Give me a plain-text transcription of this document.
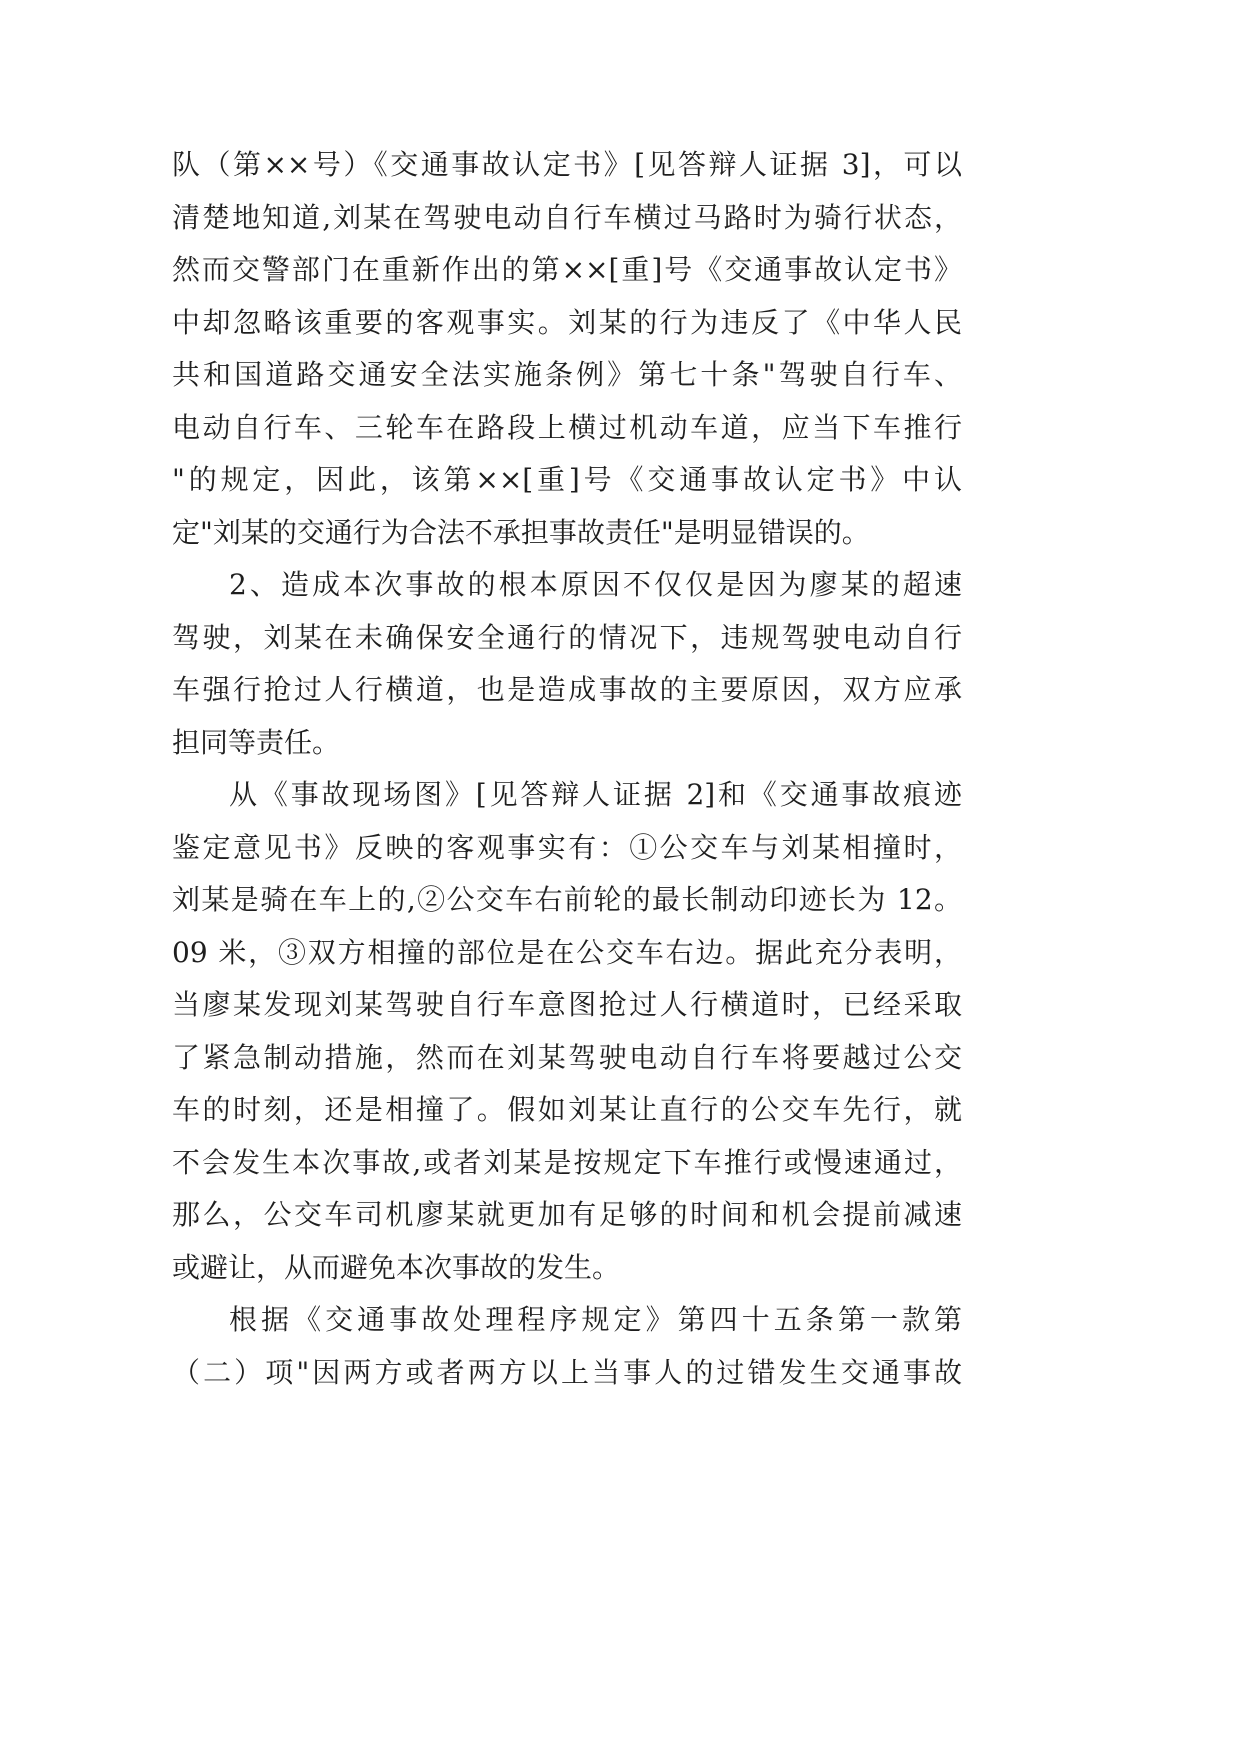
队（第××号）《交通事故认定书》[见答辩人证据 3]，可以
清楚地知道,刘某在驾驶电动自行车横过马路时为骑行状态，
然而交警部门在重新作出的第××[重]号《交通事故认定书》
中却忽略该重要的客观事实。刘某的行为违反了《中华人民
共和国道路交通安全法实施条例》第七十条"驾驶自行车、
电动自行车、三轮车在路段上横过机动车道，应当下车推行
"的规定，因此，该第××[重]号《交通事故认定书》中认
定"刘某的交通行为合法不承担事故责任"是明显错误的。
2、造成本次事故的根本原因不仅仅是因为廖某的超速
驾驶，刘某在未确保安全通行的情况下，违规驾驶电动自行
车强行抢过人行横道，也是造成事故的主要原因，双方应承
担同等责任。
从《事故现场图》[见答辩人证据 2]和《交通事故痕迹
鉴定意见书》反映的客观事实有：①公交车与刘某相撞时，
刘某是骑在车上的,②公交车右前轮的最长制动印迹长为 12。
09 米，③双方相撞的部位是在公交车右边。据此充分表明，
当廖某发现刘某驾驶自行车意图抢过人行横道时，已经采取
了紧急制动措施，然而在刘某驾驶电动自行车将要越过公交
车的时刻，还是相撞了。假如刘某让直行的公交车先行，就
不会发生本次事故,或者刘某是按规定下车推行或慢速通过，
那么，公交车司机廖某就更加有足够的时间和机会提前减速
或避让，从而避免本次事故的发生。
根据《交通事故处理程序规定》第四十五条第一款第
（二）项"因两方或者两方以上当事人的过错发生交通事故
